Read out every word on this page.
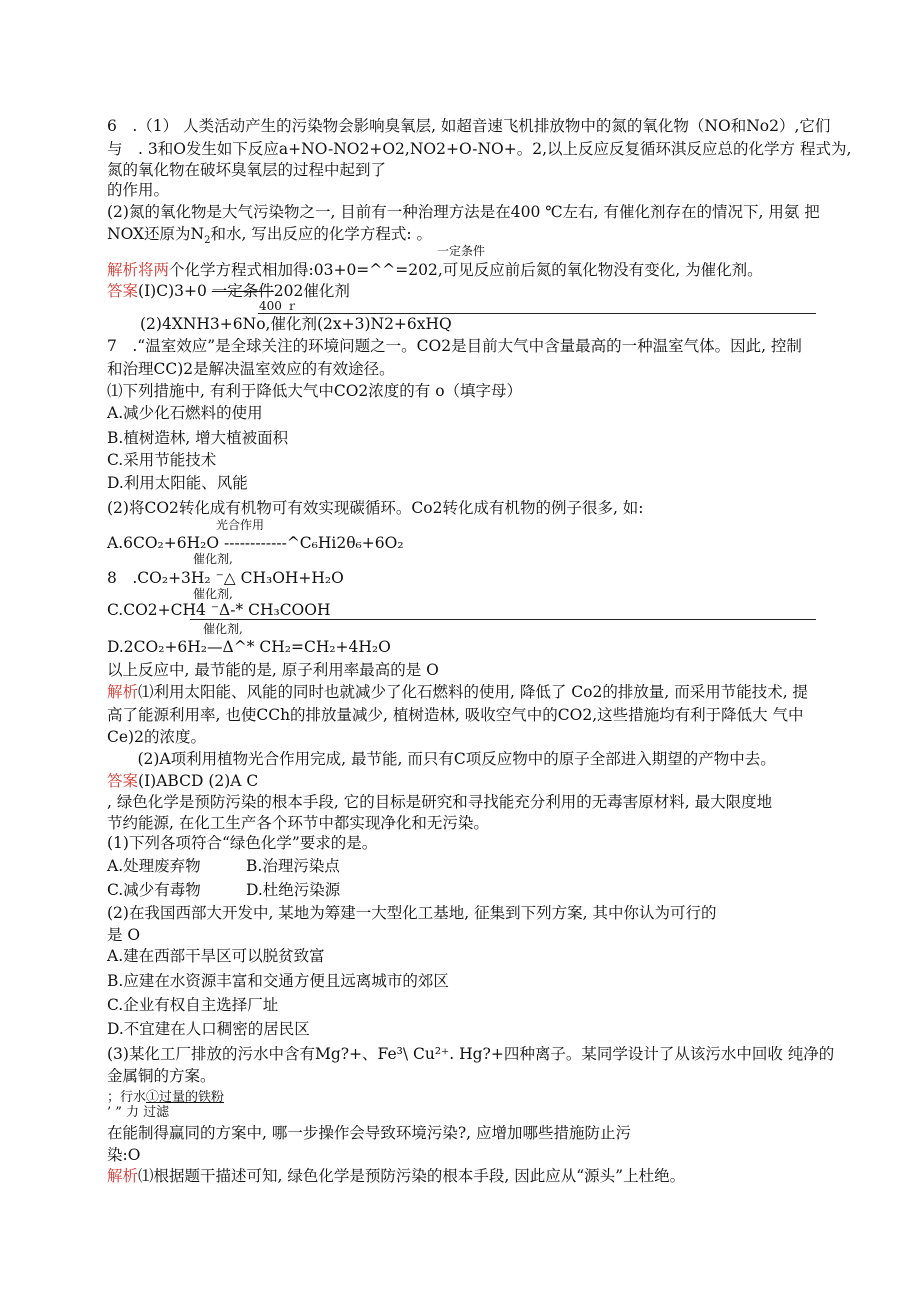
6　.（1） 人类活动产生的污染物会影响臭氧层, 如超音速飞机排放物中的氮的氧化物（NO和No2）,它们
与　. 3和O发生如下反应a+NO-NO2+O2,NO2+O-NO+。2,以上反应反复循环淇反应总的化学方 程式为,
氮的氧化物在破坏臭氧层的过程中起到了
的作用。
(2)氮的氧化物是大气污染物之一, 目前有一种治理方法是在400 ℃左右, 有催化剂存在的情况下, 用氨 把
NOX还原为$N_2$和水, 写出反应的化学方程式: 。
一定条件
解析将两个化学方程式相加得:03+0=^^=202,可见反应前后氮的氧化物没有变化, 为催化剂。
答案(I)C)3+0 一定条件202催化剂
400 ｒ
(2)4XNH3+6No,催化剂(2x+3)N2+6xHQ
7　.“温室效应”是全球关注的环境问题之一。CO2是目前大气中含量最高的一种温室气体。因此, 控制
和治理CC)2是解决温室效应的有效途径。
⑴下列措施中, 有利于降低大气中CO2浓度的有 o（填字母）
A.减少化石燃料的使用
B.植树造林, 增大植被面积
C.采用节能技术
D.利用太阳能、风能
(2)将CO2转化成有机物可有效实现碳循环。Co2转化成有机物的例子很多, 如:
光合作用
A.6CO₂+6H₂O ------------^C₆Hi2θ₆+6O₂
催化剂,
8　.CO₂+3H₂ ⁻△ CH₃OH+H₂O
催化剂,
C.CO2+CH4 ⁻Δ-* CH₃COOH
催化剂,
D.2CO₂+6H₂—Δ^* CH₂=CH₂+4H₂O
以上反应中, 最节能的是, 原子利用率最高的是 O
解析⑴利用太阳能、风能的同时也就减少了化石燃料的使用, 降低了 Co2的排放量, 而采用节能技术, 提
高了能源利用率, 也使CCh的排放量减少, 植树造林, 吸收空气中的CO2,这些措施均有利于降低大 气中
Ce)2的浓度。
　(2)A项利用植物光合作用完成, 最节能, 而只有C项反应物中的原子全部进入期望的产物中去。
答案(I)ABCD (2)A C
, 绿色化学是预防污染的根本手段, 它的目标是研究和寻找能充分利用的无毒害原材料, 最大限度地
节约能源, 在化工生产各个环节中都实现净化和无污染。
(1)下列各项符合“绿色化学”要求的是。
A.处理废弃物	B.治理污染点
C.减少有毒物	D.杜绝污染源
(2)在我国西部大开发中, 某地为筹建一大型化工基地, 征集到下列方案, 其中你认为可行的
是 O
A.建在西部干旱区可以脱贫致富
B.应建在水资源丰富和交通方便且远离城市的郊区
C.企业有权自主选择厂址
D.不宜建在人口稠密的居民区
(3)某化工厂排放的污水中含有Mg?+、Fe³\ Cu²⁺. Hg?+四种离子。某同学设计了从该污水中回收 纯净的
金属铜的方案。
；行水①过量的铁粉
’ ” 力 过滤
在能制得赢同的方案中, 哪一步操作会导致环境污染?, 应增加哪些措施防止污
染:O
解析⑴根据题干描述可知, 绿色化学是预防污染的根本手段, 因此应从“源头”上杜绝。
